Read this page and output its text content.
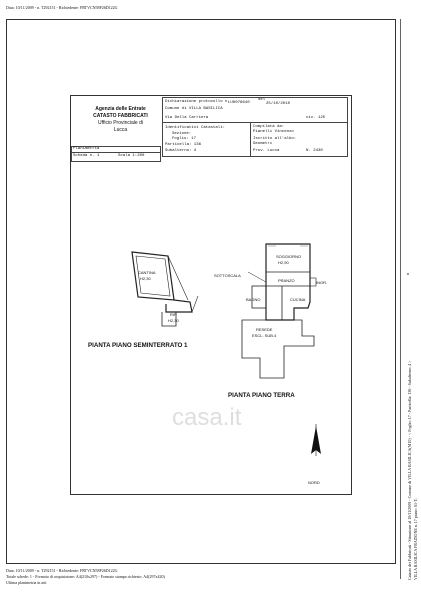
Data: 10/11/2009 - n. T292151 - Richiedente: FRTVCN58P26D122G
Catasto dei Fabbricati - Situazione al 10/11/2009 - Comune di VILLA BASILICA(M10) - < Foglio: 17 - Particella: 136 - Subalterno: 4 > VILLA BASILICA FRAZIONE n. 17 piano: S1-T;
n
Agenzia delle Entrate
CATASTO FABBRICATI
Ufficio Provinciale di
Lucca
Dichiarazione protocollo n.
LU0076640
del
25/10/2010
Comune di VILLA BASILICA
Via Della Carriera	civ. 125
Identificativi Catastali:
Sezione:
Foglio: 17
Particella: 136
Subalterno: 4
Compilata da:
Pianelli Vincenzo
Iscritto all'albo:
Geometri
Prov. Lucca	N. 2430
Planimetria
Scheda n. 1	Scala 1:200
CANTINA
H2,30
RIP
H2,30
PIANTA PIANO SEMINTERRATO 1
SOGGIORNO
H2,90
PRANZO
CUCINA
BAGNO
SOTTOSCALA
INGR.
RESEDE
ESCL. SUB.4
PIANTA PIANO TERRA
NORD
casa.it
Data: 10/11/2009 - n. T292151 - Richiedente: FRTVCN58P26D122G
Totale schede: 1 - Formato di acquisizione: A4(210x297) - Formato stampa richiesto: A4(297x420)
Ultima planimetria in atti
